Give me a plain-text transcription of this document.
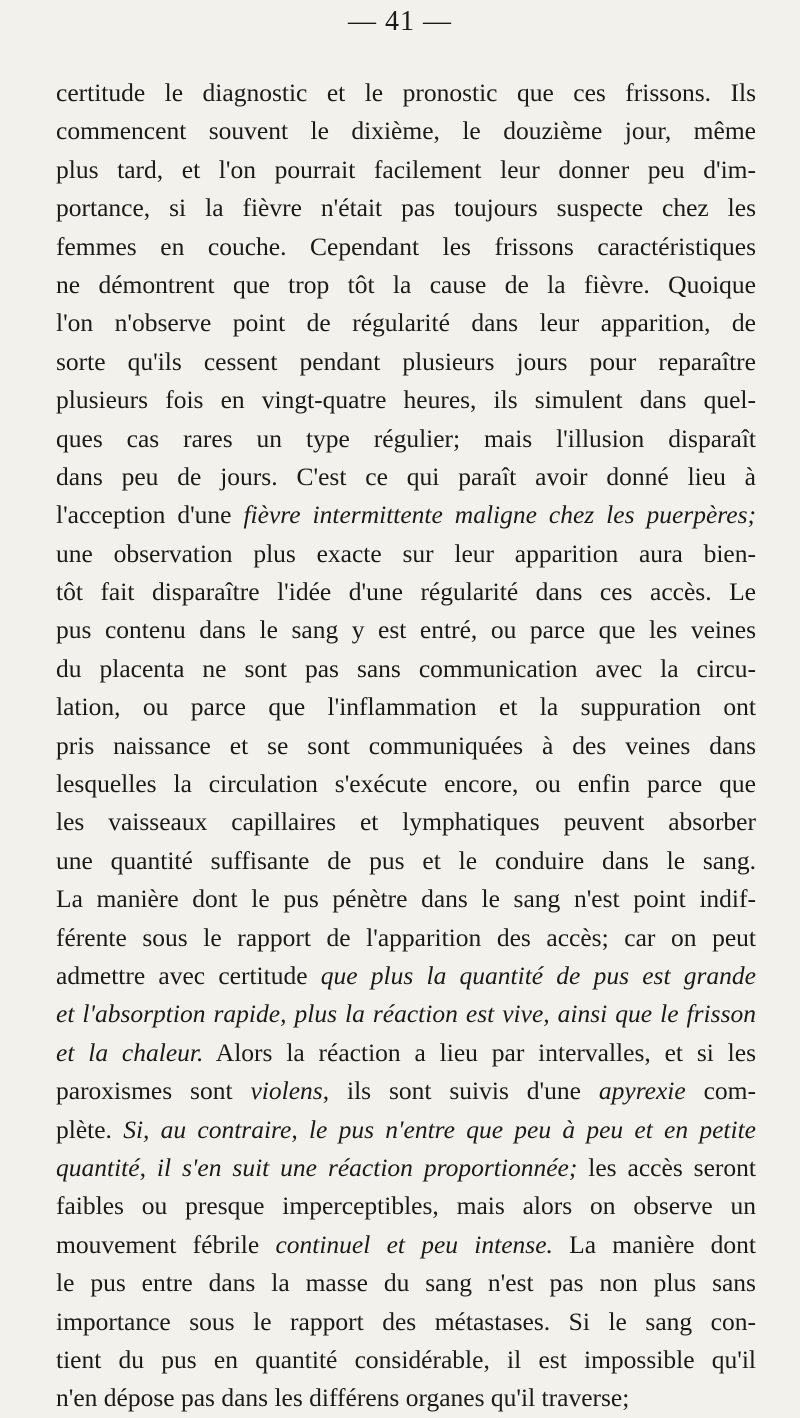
— 41 —
certitude le diagnostic et le pronostic que ces frissons. Ils
commencent souvent le dixième, le douzième jour, même
plus tard, et l'on pourrait facilement leur donner peu d'im-
portance, si la fièvre n'était pas toujours suspecte chez les
femmes en couche. Cependant les frissons caractéristiques
ne démontrent que trop tôt la cause de la fièvre. Quoique
l'on n'observe point de régularité dans leur apparition, de
sorte qu'ils cessent pendant plusieurs jours pour reparaître
plusieurs fois en vingt-quatre heures, ils simulent dans quel-
ques cas rares un type régulier; mais l'illusion disparaît
dans peu de jours. C'est ce qui paraît avoir donné lieu à
l'acception d'une fièvre intermittente maligne chez les puerpères;
une observation plus exacte sur leur apparition aura bien-
tôt fait disparaître l'idée d'une régularité dans ces accès. Le
pus contenu dans le sang y est entré, ou parce que les veines
du placenta ne sont pas sans communication avec la circu-
lation, ou parce que l'inflammation et la suppuration ont
pris naissance et se sont communiquées à des veines dans
lesquelles la circulation s'exécute encore, ou enfin parce que
les vaisseaux capillaires et lymphatiques peuvent absorber
une quantité suffisante de pus et le conduire dans le sang.
La manière dont le pus pénètre dans le sang n'est point indif-
férente sous le rapport de l'apparition des accès; car on peut
admettre avec certitude que plus la quantité de pus est grande
et l'absorption rapide, plus la réaction est vive, ainsi que le frisson
et la chaleur. Alors la réaction a lieu par intervalles, et si les
paroxismes sont violens, ils sont suivis d'une apyrexie com-
plète. Si, au contraire, le pus n'entre que peu à peu et en petite
quantité, il s'en suit une réaction proportionnée; les accès seront
faibles ou presque imperceptibles, mais alors on observe un
mouvement fébrile continuel et peu intense. La manière dont
le pus entre dans la masse du sang n'est pas non plus sans
importance sous le rapport des métastases. Si le sang con-
tient du pus en quantité considérable, il est impossible qu'il
n'en dépose pas dans les différens organes qu'il traverse;
